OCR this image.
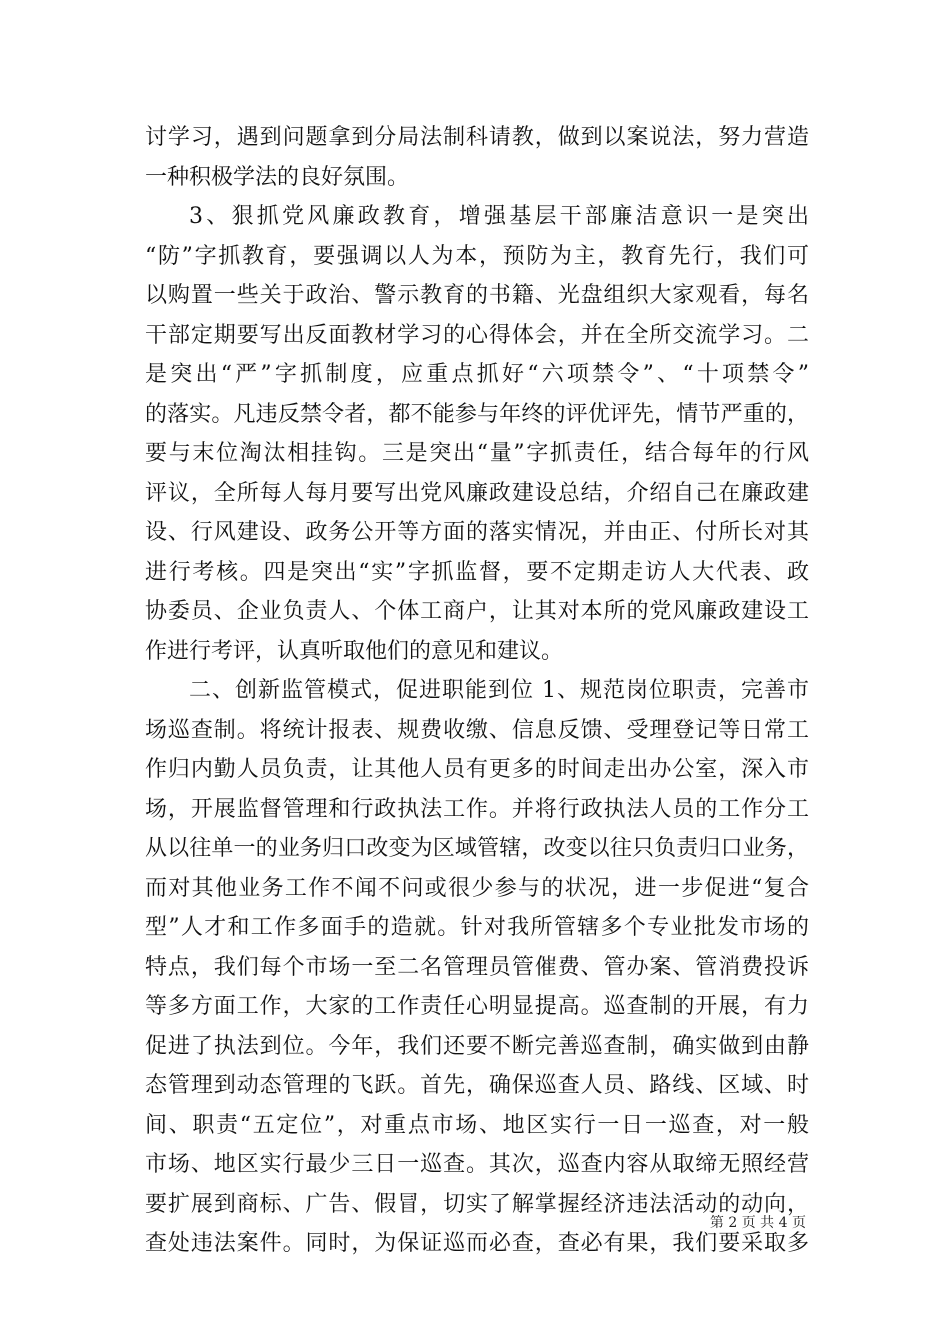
讨学习，遇到问题拿到分局法制科请教，做到以案说法，努力营造
一种积极学法的良好氛围。
3、狠抓党风廉政教育，增强基层干部廉洁意识一是突出
“防”字抓教育，要强调以人为本，预防为主，教育先行，我们可
以购置一些关于政治、警示教育的书籍、光盘组织大家观看，每名
干部定期要写出反面教材学习的心得体会，并在全所交流学习。二
是突出“严”字抓制度，应重点抓好“六项禁令”、“十项禁令”
的落实。凡违反禁令者，都不能参与年终的评优评先，情节严重的，
要与末位淘汰相挂钩。三是突出“量”字抓责任，结合每年的行风
评议，全所每人每月要写出党风廉政建设总结，介绍自己在廉政建
设、行风建设、政务公开等方面的落实情况，并由正、付所长对其
进行考核。四是突出“实”字抓监督，要不定期走访人大代表、政
协委员、企业负责人、个体工商户，让其对本所的党风廉政建设工
作进行考评，认真听取他们的意见和建议。
二、创新监管模式，促进职能到位 1、规范岗位职责，完善市
场巡查制。将统计报表、规费收缴、信息反馈、受理登记等日常工
作归内勤人员负责，让其他人员有更多的时间走出办公室，深入市
场，开展监督管理和行政执法工作。并将行政执法人员的工作分工
从以往单一的业务归口改变为区域管辖，改变以往只负责归口业务，
而对其他业务工作不闻不问或很少参与的状况，进一步促进“复合
型”人才和工作多面手的造就。针对我所管辖多个专业批发市场的
特点，我们每个市场一至二名管理员管催费、管办案、管消费投诉
等多方面工作，大家的工作责任心明显提高。巡查制的开展，有力
促进了执法到位。今年，我们还要不断完善巡查制，确实做到由静
态管理到动态管理的飞跃。首先，确保巡查人员、路线、区域、时
间、职责“五定位”，对重点市场、地区实行一日一巡查，对一般
市场、地区实行最少三日一巡查。其次，巡查内容从取缔无照经营
要扩展到商标、广告、假冒，切实了解掌握经济违法活动的动向，
查处违法案件。同时，为保证巡而必查，查必有果，我们要采取多
第 2 页 共 4 页
